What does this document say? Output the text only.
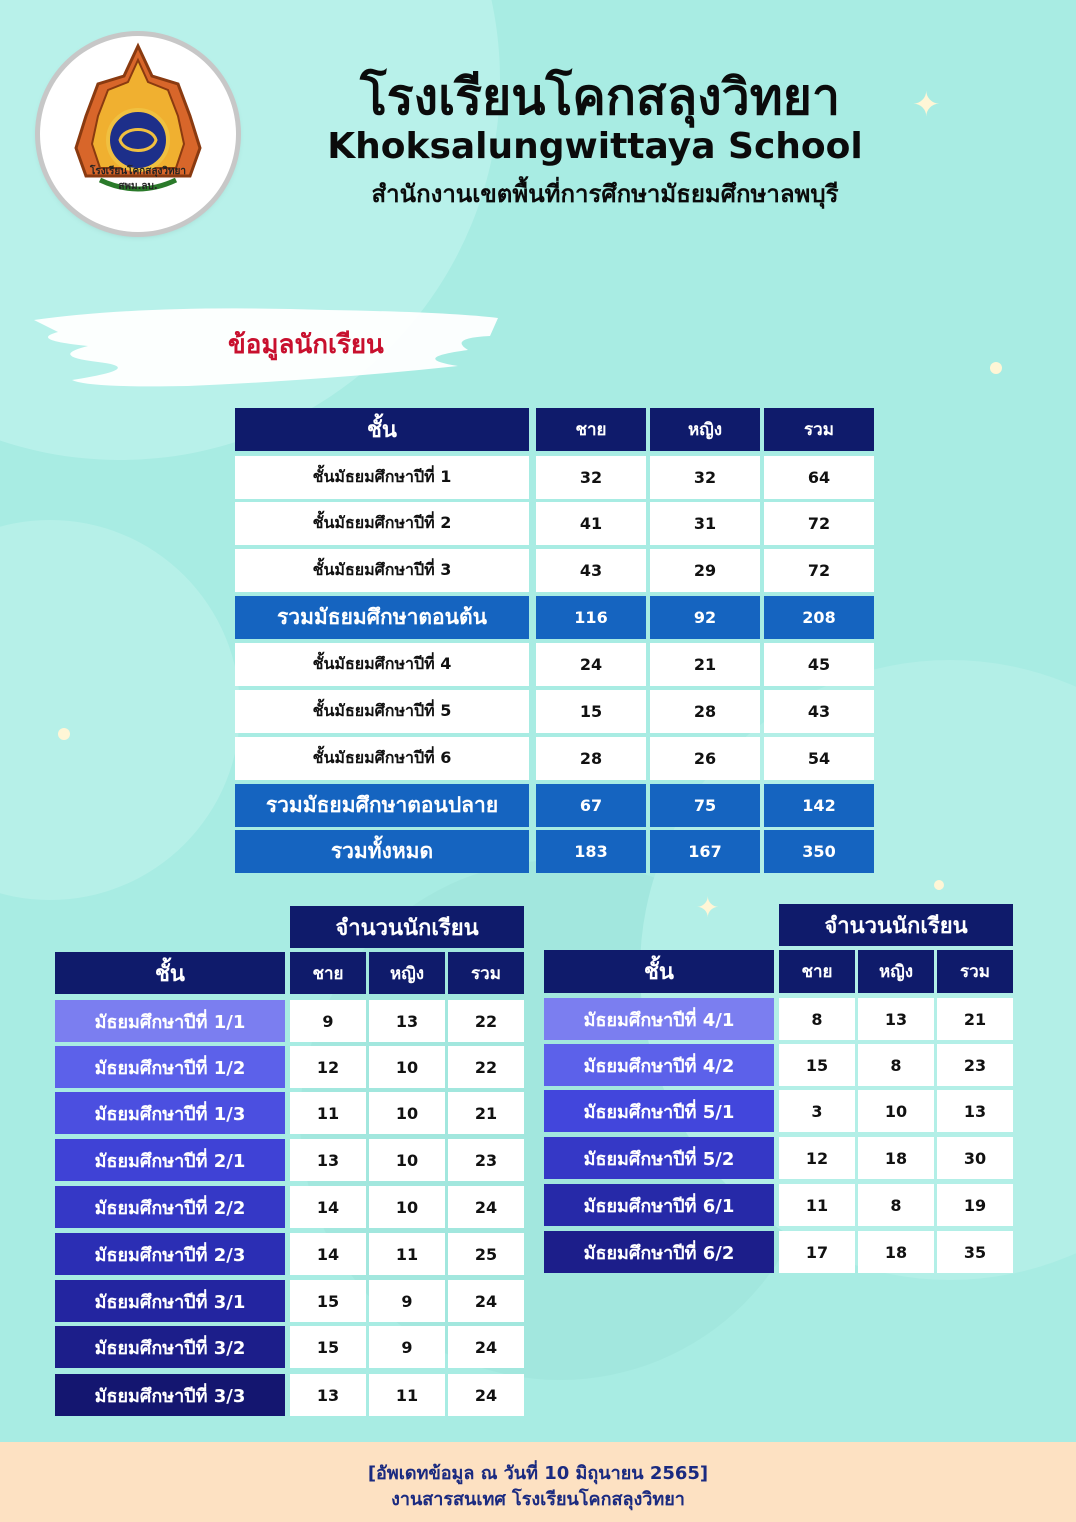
✦
✦
โรงเรียนโคกสลุงวิทยา สพม.ลบ.
โรงเรียนโคกสลุงวิทยา
Khoksalungwittaya School
สำนักงานเขตพื้นที่การศึกษามัธยมศึกษาลพบุรี
ข้อมูลนักเรียน
ชั้น	ชาย	หญิง	รวม
ชั้นมัธยมศึกษาปีที่ 1	32	32	64
ชั้นมัธยมศึกษาปีที่ 2	41	31	72
ชั้นมัธยมศึกษาปีที่ 3	43	29	72
รวมมัธยมศึกษาตอนต้น	116	92	208
ชั้นมัธยมศึกษาปีที่ 4	24	21	45
ชั้นมัธยมศึกษาปีที่ 5	15	28	43
ชั้นมัธยมศึกษาปีที่ 6	28	26	54
รวมมัธยมศึกษาตอนปลาย	67	75	142
รวมทั้งหมด	183	167	350
จำนวนนักเรียน
ชั้น	ชาย	หญิง	รวม
มัธยมศึกษาปีที่ 1/1	9	13	22
มัธยมศึกษาปีที่ 1/2	12	10	22
มัธยมศึกษาปีที่ 1/3	11	10	21
มัธยมศึกษาปีที่ 2/1	13	10	23
มัธยมศึกษาปีที่ 2/2	14	10	24
มัธยมศึกษาปีที่ 2/3	14	11	25
มัธยมศึกษาปีที่ 3/1	15	9	24
มัธยมศึกษาปีที่ 3/2	15	9	24
มัธยมศึกษาปีที่ 3/3	13	11	24
จำนวนนักเรียน
ชั้น	ชาย	หญิง	รวม
มัธยมศึกษาปีที่ 4/1	8	13	21
มัธยมศึกษาปีที่ 4/2	15	8	23
มัธยมศึกษาปีที่ 5/1	3	10	13
มัธยมศึกษาปีที่ 5/2	12	18	30
มัธยมศึกษาปีที่ 6/1	11	8	19
มัธยมศึกษาปีที่ 6/2	17	18	35
[อัพเดทข้อมูล ณ วันที่ 10 มิถุนายน 2565]
งานสารสนเทศ โรงเรียนโคกสลุงวิทยา
